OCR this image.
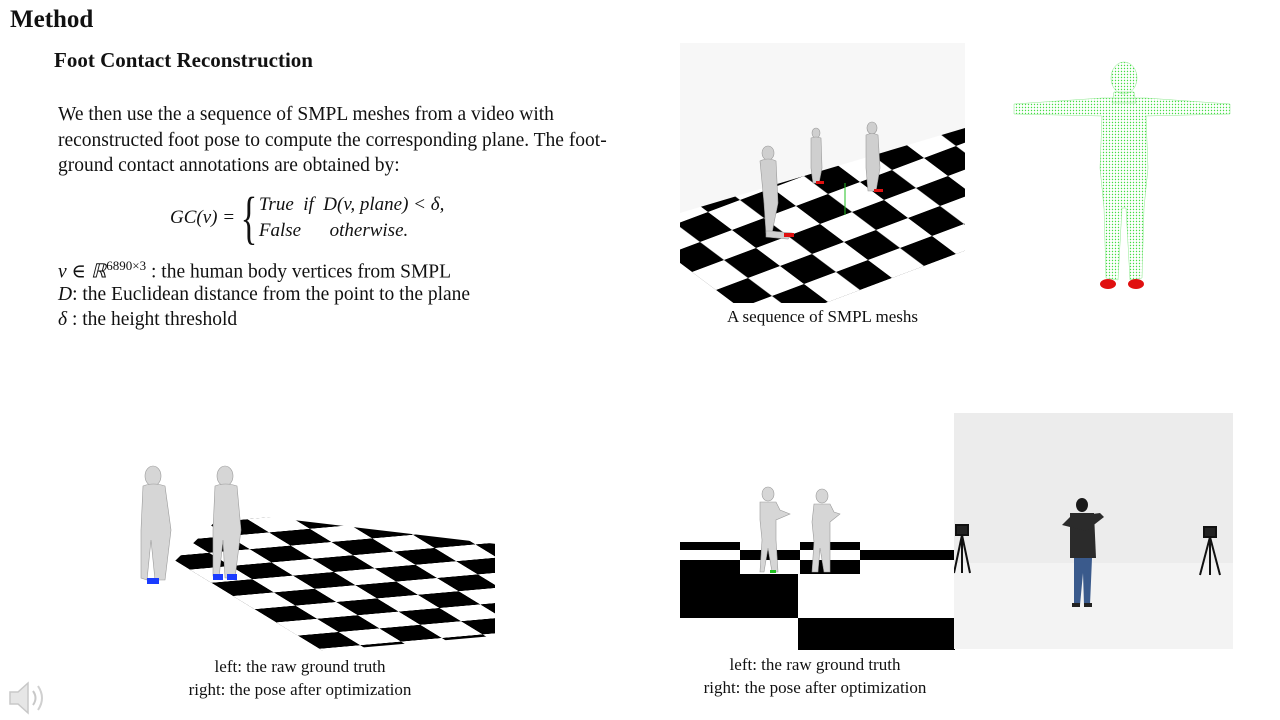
Method
Foot Contact Reconstruction
We then use the a sequence of SMPL meshes from a video with reconstructed foot pose to compute the corresponding plane. The foot-ground contact annotations are obtained by:
GC(v) = { True  if  D(v, plane) < δ,
False      otherwise.
v ∈ ℝ$^{6890\times 3}$ : the human body vertices from SMPL
D: the Euclidean distance from the point to the plane
δ : the height threshold	A sequence of SMPL meshs
left: the raw ground truth
right: the pose after optimization
left: the raw ground truth
right: the pose after optimization
